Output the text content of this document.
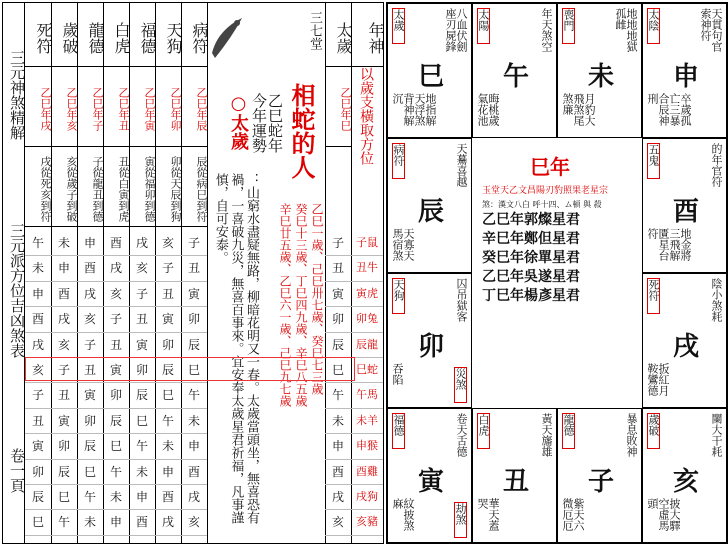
三元神煞精解
三元派方位吉凶煞表
卷一頁
死符
乙巳年戌
戌從死亥到符
午
未
申
酉
戌
亥
子
丑
寅
卯
辰
巳
歲破
乙巳年亥
亥從歲子到破
未
申
酉
戌
亥
子
丑
寅
卯
辰
巳
午
龍德
乙巳年子
子從龍丑到德
申
酉
戌
亥
子
丑
寅
卯
辰
巳
午
未
白虎
乙巳年丑
丑從白寅到虎
酉
戌
亥
子
丑
寅
卯
辰
巳
午
未
申
福德
乙巳年寅
寅從福卯到德
戌
亥
子
丑
寅
卯
辰
巳
午
未
申
酉
天狗
乙巳年卯
卯從天辰到狗
亥
子
丑
寅
卯
辰
巳
午
未
申
酉
戌
病符
乙巳年辰
辰從病巳到符
子
丑
寅
卯
辰
巳
午
未
申
酉
戌
亥
三七堂
相蛇的人
乙巳蛇年
今年運勢
乙巳一歲、己巳卅七歲、癸巳七三歲
癸巳十三歲、丁巳四九歲、辛巳八五歲
辛巳廿五歲、乙巳六一歲、己巳九七歲
：山窮水盡疑無路，柳暗花明又一春。太歲當頭坐，無喜恐有禍，一喜破九災，無喜百事來。宜安奉太歲星君祈福，凡事謹慎，自可安泰。
○太歲
太歲
乙巳年巳
子
丑
寅
卯
辰
巳
午
未
申
酉
戌
亥
年神
以歲支橫取方位
子鼠
丑牛
寅虎
卯兔
辰龍
巳蛇
午馬
未羊
申猴
酉雞
戌狗
亥豬
八血伏劍座刃屍鋒
太歲
巳
地指解天浮煞背神解沉
年天煞空
太陽
午
晦桃歲氣花池
地地地獄孤雌
喪門
未
月豹大飛煞尾煞廉
天貫句官索神符
太陰
申
卒歲孤亡三暴合辰神刑
天驀喜越
病符
辰
天寡天馬宿煞
的年官符
五鬼
酉
地金將三飛解匱星台符
囚吊獄客
天狗
卯
吞陷	災煞
陰小煞耗
死符
戌
扳紅月鞍鸞德
卷天舌德
福德
寅
紋披煞麻	劫煞
黃天旛雄
白虎
丑
華天蓋哭
暴息敗神
龍德
子
紫天六微厄厄
闌大干耗
歲破
亥
披大驛空虛馬頭
巳年
玉堂天乙文昌陽刃豹照果老星宗
煞：漢文八白 呼十四、ム頓 與 殺
乙巳年郭燦星君
辛巳年鄭但星君
癸巳年徐單星君
乙巳年吳遂星君
丁巳年楊彥星君
